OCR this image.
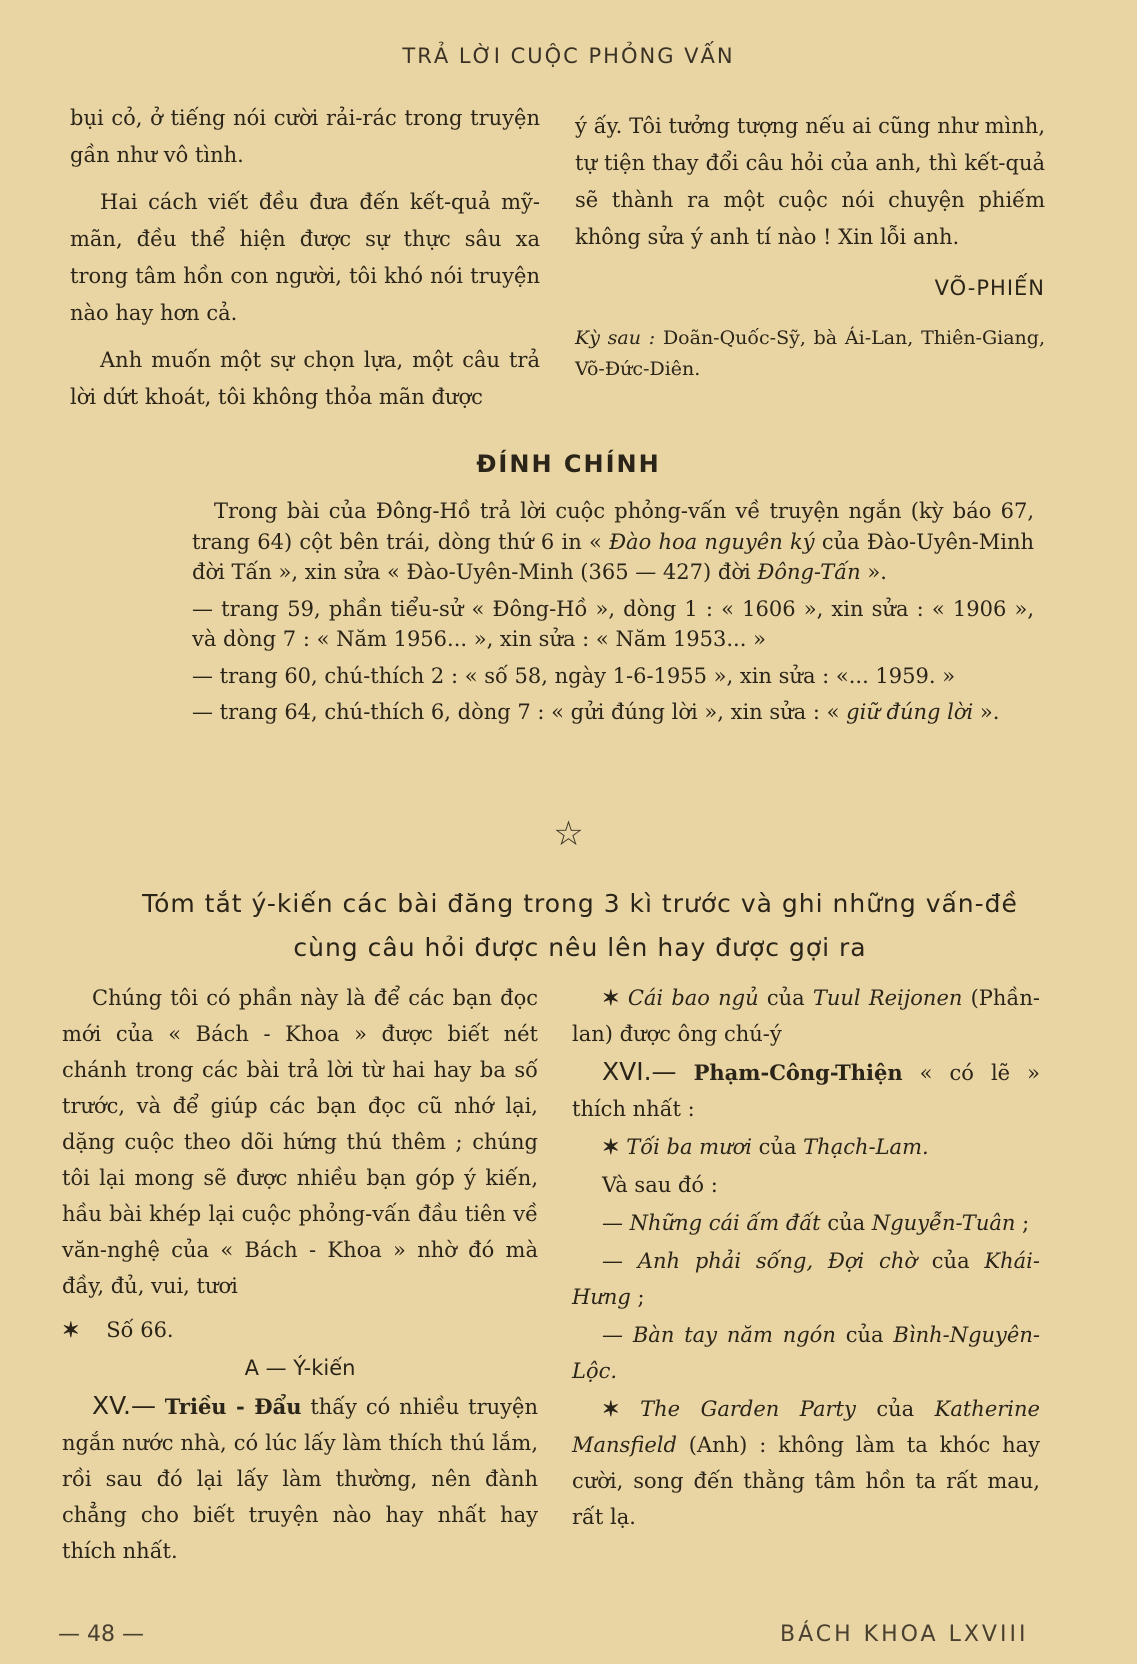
TRẢ LỜI CUỘC PHỎNG VẤN

bụi cỏ, ở tiếng nói cười rải-rác trong truyện gần như vô tình.

Hai cách viết đều đưa đến kết-quả mỹ-mãn, đều thể hiện được sự thực sâu xa trong tâm hồn con người, tôi khó nói truyện nào hay hơn cả.

Anh muốn một sự chọn lựa, một câu trả lời dứt khoát, tôi không thỏa mãn được

ý ấy. Tôi tưởng tượng nếu ai cũng như mình, tự tiện thay đổi câu hỏi của anh, thì kết-quả sẽ thành ra một cuộc nói chuyện phiếm không sửa ý anh tí nào ! Xin lỗi anh.

VÕ-PHIẾN
Kỳ sau : Doãn-Quốc-Sỹ, bà Ái-Lan, Thiên-Giang, Võ-Đức-Diên.
ĐÍNH CHÍNH

Trong bài của Đông-Hồ trả lời cuộc phỏng-vấn về truyện ngắn (kỳ báo 67, trang 64) cột bên trái, dòng thứ 6 in « Đào hoa nguyên ký của Đào-Uyên-Minh đời Tấn », xin sửa « Đào-Uyên-Minh (365 — 427) đời Đông-Tấn ».

— trang 59, phần tiểu-sử « Đông-Hồ », dòng 1 : « 1606 », xin sửa : « 1906 », và dòng 7 : « Năm 1956... », xin sửa : « Năm 1953... »

— trang 60, chú-thích 2 : « số 58, ngày 1-6-1955 », xin sửa : «... 1959. »

— trang 64, chú-thích 6, dòng 7 : « gửi đúng lời », xin sửa : « giữ đúng lời ».

☆
Tóm tắt ý-kiến các bài đăng trong 3 kì trước và ghi những vấn-đề
cùng câu hỏi được nêu lên hay được gợi ra

Chúng tôi có phần này là để các bạn đọc mới của « Bách - Khoa » được biết nét chánh trong các bài trả lời từ hai hay ba số trước, và để giúp các bạn đọc cũ nhớ lại, dặng cuộc theo dõi hứng thú thêm ; chúng tôi lại mong sẽ được nhiều bạn góp ý kiến, hầu bài khép lại cuộc phỏng-vấn đầu tiên về văn-nghệ của « Bách - Khoa » nhờ đó mà đầy, đủ, vui, tươi

✶ Số 66.

A — Ý-kiến

XV.— Triều - Đẩu thấy có nhiều truyện ngắn nước nhà, có lúc lấy làm thích thú lắm, rồi sau đó lại lấy làm thường, nên đành chẳng cho biết truyện nào hay nhất hay thích nhất.

✶ Cái bao ngủ của Tuul Reijonen (Phần-lan) được ông chú-ý

XVI.— Phạm-Công-Thiện « có lẽ » thích nhất :

✶ Tối ba mươi của Thạch-Lam.

Và sau đó :

— Những cái ấm đất của Nguyễn-Tuân ;

— Anh phải sống, Đợi chờ của Khái-Hưng ;

— Bàn tay năm ngón của Bình-Nguyên-Lộc.

✶ The Garden Party của Katherine Mansfield (Anh) : không làm ta khóc hay cười, song đến thằng tâm hồn ta rất mau, rất lạ.

— 48 —	BÁCH KHOA LXVIII
